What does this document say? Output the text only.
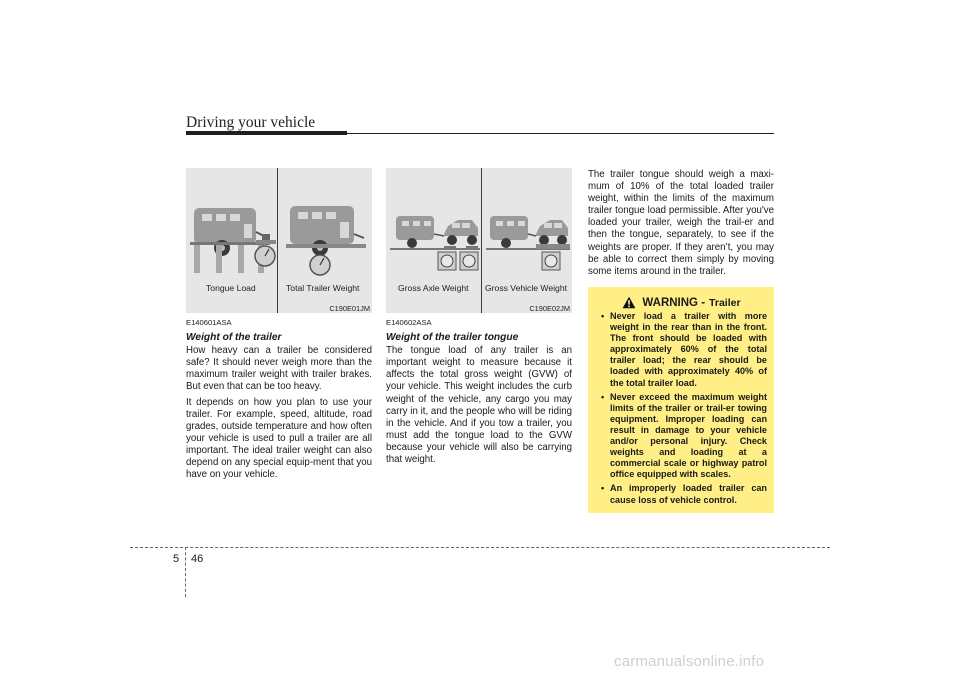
Driving your vehicle
Tongue Load	Total Trailer Weight
C190E01JM
Gross Axle Weight Gross Vehicle Weight
C190E02JM
E140601ASA
Weight of the trailer

How heavy can a trailer be considered safe? It should never weigh more than the maximum trailer weight with trailer brakes. But even that can be too heavy.

It depends on how you plan to use your trailer. For example, speed, altitude, road grades, outside temperature and how often your vehicle is used to pull a trailer are all important. The ideal trailer weight can also depend on any special equip-ment that you have on your vehicle.

E140602ASA
Weight of the trailer tongue

The tongue load of any trailer is an important weight to measure because it affects the total gross weight (GVW) of your vehicle. This weight includes the curb weight of the vehicle, any cargo you may carry in it, and the people who will be riding in the vehicle. And if you tow a trailer, you must add the tongue load to the GVW because your vehicle will also be carrying that weight.

The trailer tongue should weigh a maxi-mum of 10% of the total loaded trailer weight, within the limits of the maximum trailer tongue load permissible. After you've loaded your trailer, weigh the trail-er and then the tongue, separately, to see if the weights are proper. If they aren’t, you may be able to correct them simply by moving some items around in the trailer.

WARNING - Trailer
• Never load a trailer with more weight in the rear than in the front. The front should be loaded with approximately 60% of the total trailer load; the rear should be loaded with approximately 40% of the total trailer load.
• Never exceed the maximum weight limits of the trailer or trail-er towing equipment. Improper loading can result in damage to your vehicle and/or personal injury. Check weights and loading at a commercial scale or highway patrol office equipped with scales.
• An improperly loaded trailer can cause loss of vehicle control.
5 46
carmanualsonline.info
